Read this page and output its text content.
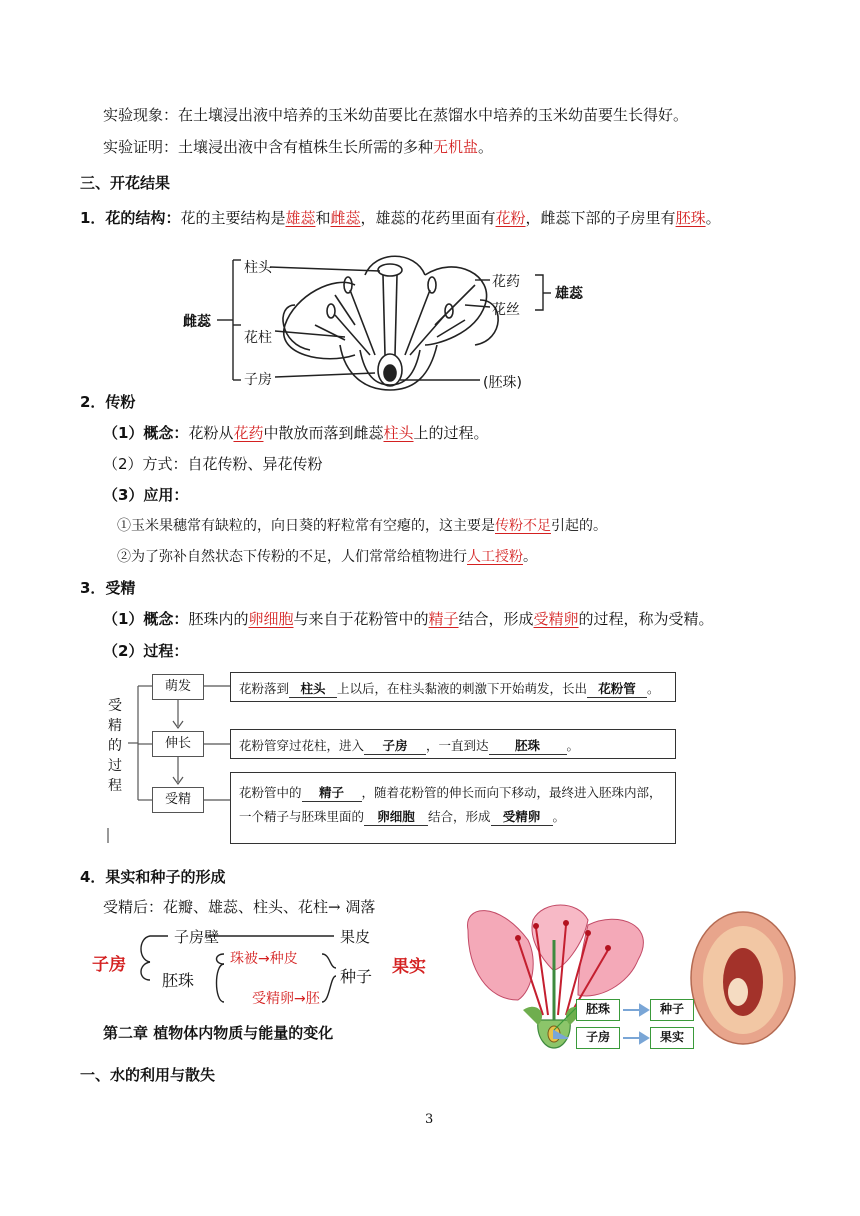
实验现象：在土壤浸出液中培养的玉米幼苗要比在蒸馏水中培养的玉米幼苗要生长得好。
实验证明：土壤浸出液中含有植株生长所需的多种无机盐。
三、开花结果
1．花的结构：花的主要结构是雄蕊和雌蕊，雄蕊的花药里面有花粉，雌蕊下部的子房里有胚珠。
雌蕊
柱头
花柱
子房
花药
花丝
雄蕊
(胚珠)
2．传粉
（1）概念：花粉从花药中散放而落到雌蕊柱头上的过程。
（2）方式：自花传粉、异花传粉
（3）应用：
①玉米果穗常有缺粒的，向日葵的籽粒常有空瘪的，这主要是传粉不足引起的。
②为了弥补自然状态下传粉的不足，人们常常给植物进行人工授粉。
3．受精
（1）概念：胚珠内的卵细胞与来自于花粉管中的精子结合，形成受精卵的过程，称为受精。
（2）过程：
受
精
的
过
程
萌发
伸长
受精
花粉落到 柱头 上以后，在柱头黏液的刺激下开始萌发，长出 花粉管 。
花粉管穿过花柱，进入 子房 ，一直到达 胚珠 。
花粉管中的 精子 ，随着花粉管的伸长而向下移动，最终进入胚珠内部，
一个精子与胚珠里面的 卵细胞 结合，形成 受精卵 。
4．果实和种子的形成
受精后：花瓣、雄蕊、柱头、花柱→ 凋落
子房
子房壁
胚珠
珠被→种皮
受精卵→胚
果皮
种子 果实
胚珠	种子
子房	果实
第二章 植物体内物质与能量的变化
一、水的利用与散失
3
